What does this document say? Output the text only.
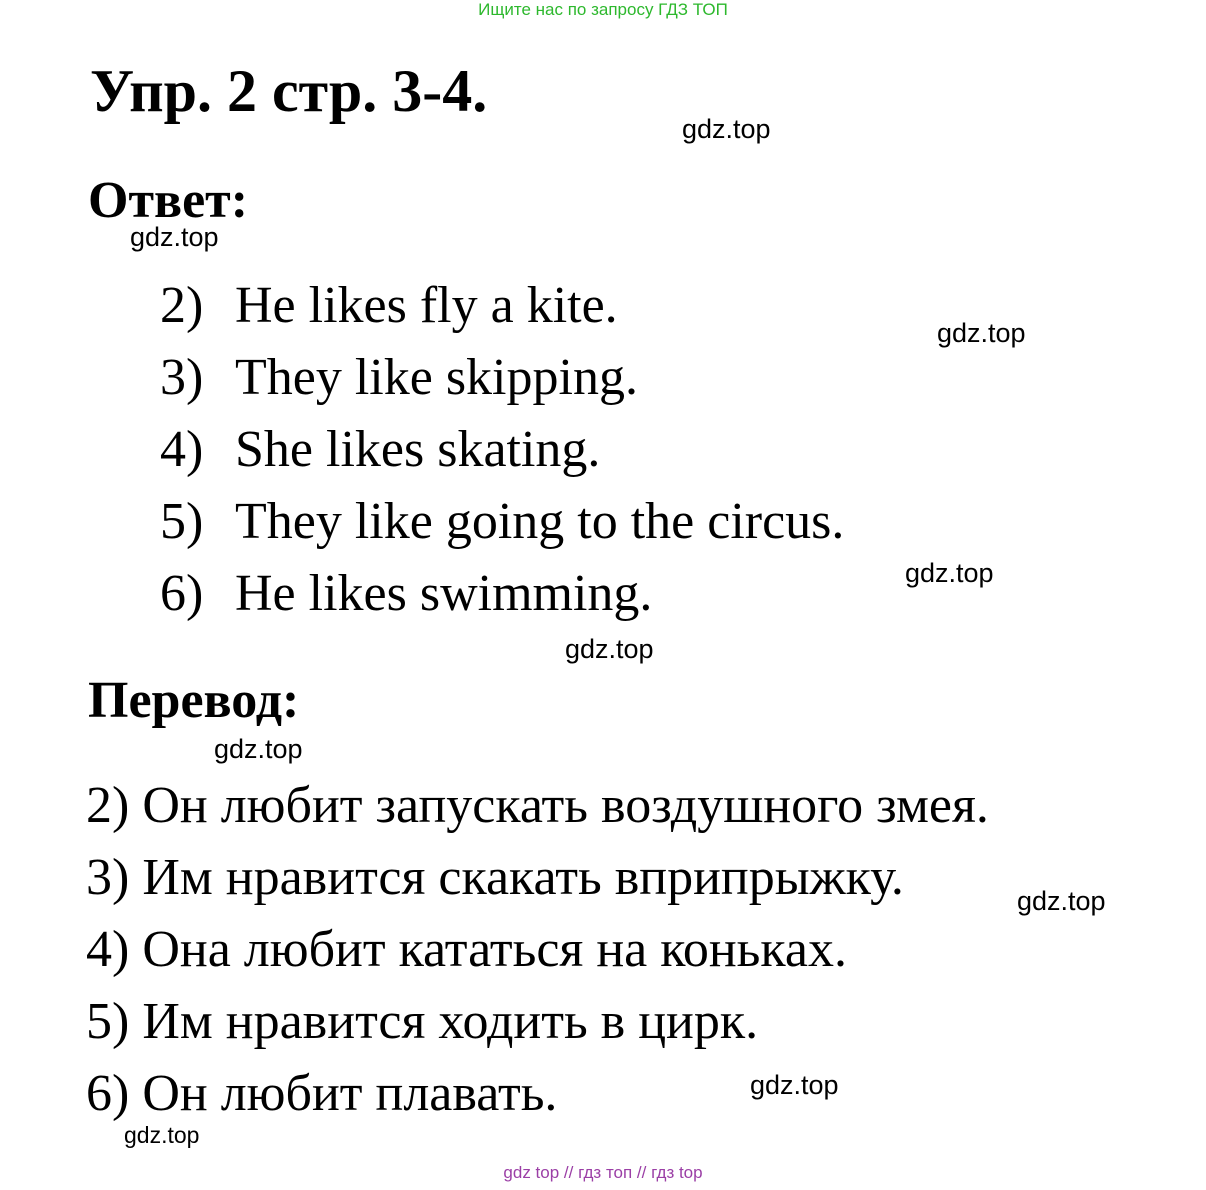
Ищите нас по запросу ГДЗ ТОП
Упр. 2 стр. 3-4.
gdz.top
Ответ:
gdz.top
2) He likes fly a kite.
3) They like skipping.
4) She likes skating.
5) They like going to the circus.
6) He likes swimming.
gdz.top
gdz.top
gdz.top
Перевод:
gdz.top
2) Он любит запускать воздушного змея.
3) Им нравится скакать вприпрыжку.
4) Она любит кататься на коньках.
5) Им нравится ходить в цирк.
6) Он любит плавать.
gdz.top
gdz.top
gdz.top
gdz top // гдз топ // гдз top
